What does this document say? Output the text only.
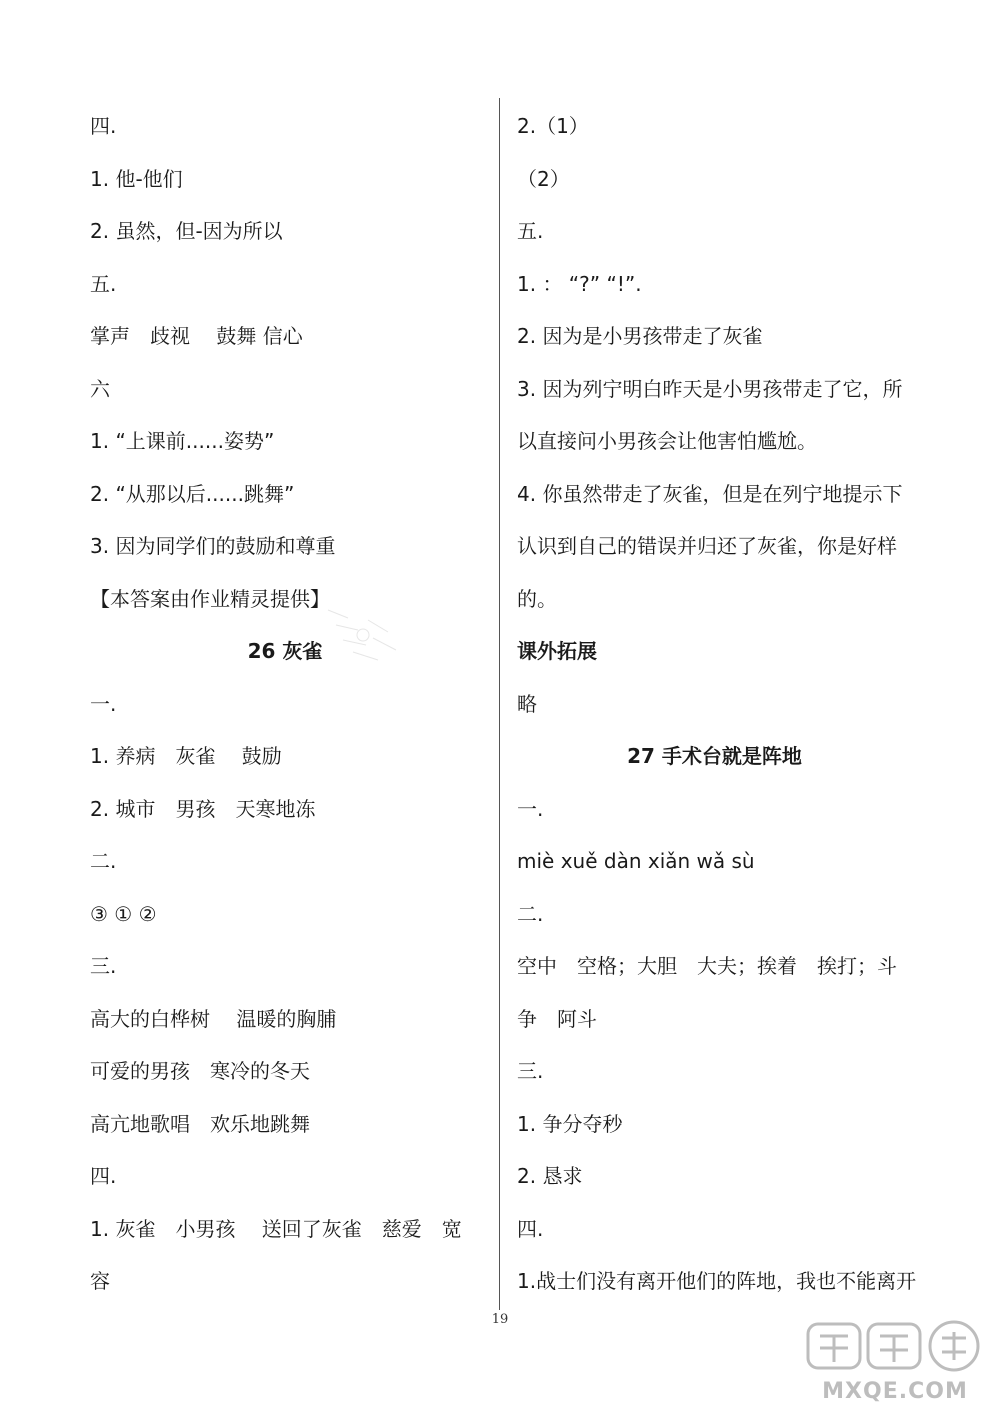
四.
1. 他-他们
2. 虽然，但-因为所以
五.
掌声　歧视　 鼓舞 信心
六
1. “上课前......姿势”
2. “从那以后......跳舞”
3. 因为同学们的鼓励和尊重
【本答案由作业精灵提供】
26 灰雀
一.
1. 养病　灰雀　 鼓励
2. 城市　男孩　天寒地冻
二.
③ ① ②
三.
高大的白桦树　 温暖的胸脯
可爱的男孩　寒冷的冬天
高亢地歌唱　欢乐地跳舞
四.
1. 灰雀　小男孩　 送回了灰雀　慈爱　宽
容
2.（1）
（2）
五.
1. ： “?” “!”.
2. 因为是小男孩带走了灰雀
3. 因为列宁明白昨天是小男孩带走了它，所
以直接问小男孩会让他害怕尴尬。
4. 你虽然带走了灰雀，但是在列宁地提示下
认识到自己的错误并归还了灰雀，你是好样
的。
课外拓展
略
27 手术台就是阵地
一.
miè xuě dàn xiǎn wǎ sù
二.
空中　空格；大胆　大夫；挨着　挨打；斗
争　阿斗
三.
1. 争分夺秒
2. 恳求
四.
1.战士们没有离开他们的阵地，我也不能离开
19
MXQE.COM
